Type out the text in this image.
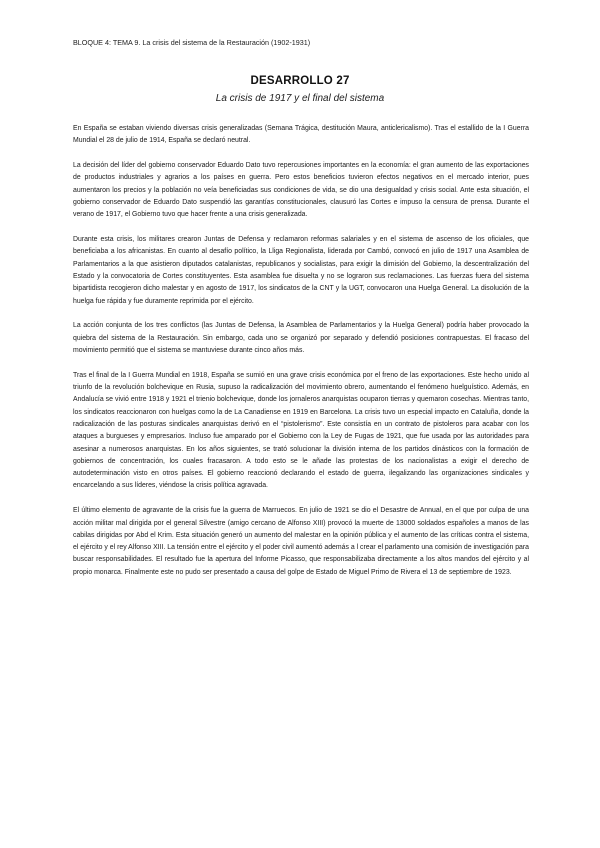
BLOQUE 4: TEMA 9. La crisis del sistema de la Restauración (1902-1931)
DESARROLLO 27
La crisis de 1917 y el final del sistema

En España se estaban viviendo diversas crisis generalizadas (Semana Trágica, destitución Maura, anticlericalismo). Tras el estallido de la I Guerra Mundial el 28 de julio de 1914, España se declaró neutral.

La decisión del líder del gobierno conservador Eduardo Dato tuvo repercusiones importantes en la economía: el gran aumento de las exportaciones de productos industriales y agrarios a los países en guerra. Pero estos beneficios tuvieron efectos negativos en el mercado interior, pues aumentaron los precios y la población no veía beneficiadas sus condiciones de vida, se dio una desigualdad y crisis social. Ante esta situación, el gobierno conservador de Eduardo Dato suspendió las garantías constitucionales, clausuró las Cortes e impuso la censura de prensa. Durante el verano de 1917, el Gobierno tuvo que hacer frente a una crisis generalizada.

Durante esta crisis, los militares crearon Juntas de Defensa y reclamaron reformas salariales y en el sistema de ascenso de los oficiales, que beneficiaba a los africanistas. En cuanto al desafío político, la Lliga Regionalista, liderada por Cambó, convocó en julio de 1917 una Asamblea de Parlamentarios a la que asistieron diputados catalanistas, republicanos y socialistas, para exigir la dimisión del Gobierno, la descentralización del Estado y la convocatoria de Cortes constituyentes. Esta asamblea fue disuelta y no se lograron sus reclamaciones. Las fuerzas fuera del sistema bipartidista recogieron dicho malestar y en agosto de 1917, los sindicatos de la CNT y la UGT, convocaron una Huelga General. La disolución de la huelga fue rápida y fue duramente reprimida por el ejército.

La acción conjunta de los tres conflictos (las Juntas de Defensa, la Asamblea de Parlamentarios y la Huelga General) podría haber provocado la quiebra del sistema de la Restauración. Sin embargo, cada uno se organizó por separado y defendió posiciones contrapuestas. El fracaso del movimiento permitió que el sistema se mantuviese durante cinco años más.

Tras el final de la I Guerra Mundial en 1918, España se sumió en una grave crisis económica por el freno de las exportaciones. Este hecho unido al triunfo de la revolución bolchevique en Rusia, supuso la radicalización del movimiento obrero, aumentando el fenómeno huelguístico. Además, en Andalucía se vivió entre 1918 y 1921 el trienio bolchevique, donde los jornaleros anarquistas ocuparon tierras y quemaron cosechas. Mientras tanto, los sindicatos reaccionaron con huelgas como la de La Canadiense en 1919 en Barcelona. La crisis tuvo un especial impacto en Cataluña, donde la radicalización de las posturas sindicales anarquistas derivó en el “pistolerismo”. Este consistía en un contrato de pistoleros para acabar con los ataques a burgueses y empresarios. Incluso fue amparado por el Gobierno con la Ley de Fugas de 1921, que fue usada por las autoridades para asesinar a numerosos anarquistas. En los años siguientes, se trató solucionar la división interna de los partidos dinásticos con la formación de gobiernos de concentración, los cuales fracasaron. A todo esto se le añade las protestas de los nacionalistas a exigir el derecho de autodeterminación visto en otros países. El gobierno reaccionó declarando el estado de guerra, ilegalizando las organizaciones sindicales y encarcelando a sus líderes, viéndose la crisis política agravada.

El último elemento de agravante de la crisis fue la guerra de Marruecos. En julio de 1921 se dio el Desastre de Annual, en el que por culpa de una acción militar mal dirigida por el general Silvestre (amigo cercano de Alfonso XIII) provocó la muerte de 13000 soldados españoles a manos de las cabilas dirigidas por Abd el Krim. Esta situación generó un aumento del malestar en la opinión pública y el aumento de las críticas contra el sistema, el ejército y el rey Alfonso XIII. La tensión entre el ejército y el poder civil aumentó además a l crear el parlamento una comisión de investigación para buscar responsabilidades. El resultado fue la apertura del Informe Picasso, que responsabilizaba directamente a los altos mandos del ejército y al propio monarca. Finalmente este no pudo ser presentado a causa del golpe de Estado de Miguel Primo de Rivera el 13 de septiembre de 1923.
